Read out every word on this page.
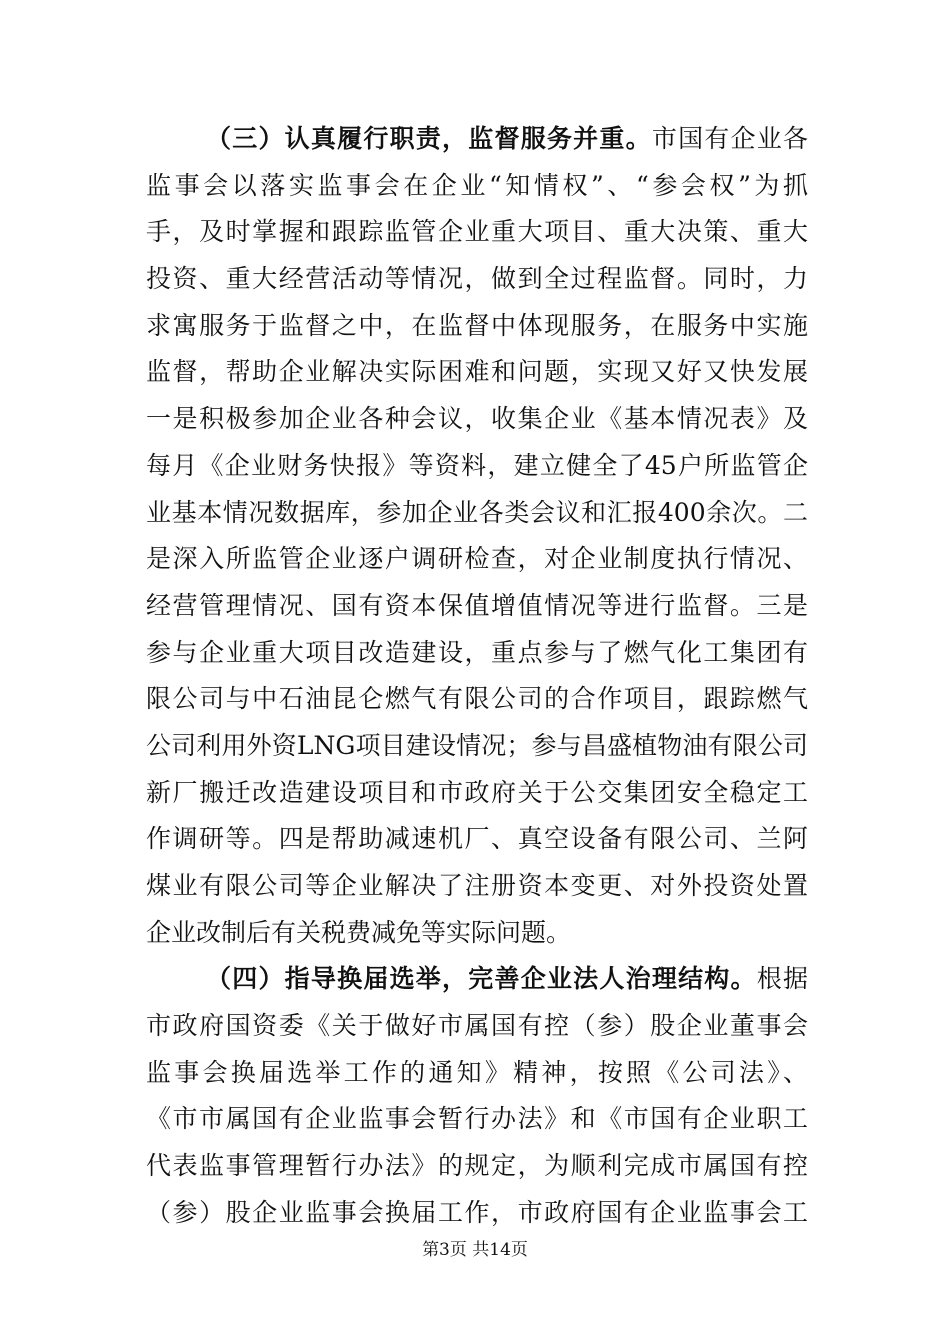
（三）认真履行职责，监督服务并重。市国有企业各
监事会以落实监事会在企业“知情权”、“参会权”为抓
手，及时掌握和跟踪监管企业重大项目、重大决策、重大
投资、重大经营活动等情况，做到全过程监督。同时，力
求寓服务于监督之中，在监督中体现服务，在服务中实施
监督，帮助企业解决实际困难和问题，实现又好又快发展
一是积极参加企业各种会议，收集企业《基本情况表》及
每月《企业财务快报》等资料，建立健全了45户所监管企
业基本情况数据库，参加企业各类会议和汇报400余次。二
是深入所监管企业逐户调研检查，对企业制度执行情况、
经营管理情况、国有资本保值增值情况等进行监督。三是
参与企业重大项目改造建设，重点参与了燃气化工集团有
限公司与中石油昆仑燃气有限公司的合作项目，跟踪燃气
公司利用外资LNG项目建设情况；参与昌盛植物油有限公司
新厂搬迁改造建设项目和市政府关于公交集团安全稳定工
作调研等。四是帮助减速机厂、真空设备有限公司、兰阿
煤业有限公司等企业解决了注册资本变更、对外投资处置
企业改制后有关税费减免等实际问题。
（四）指导换届选举，完善企业法人治理结构。根据
市政府国资委《关于做好市属国有控（参）股企业董事会
监事会换届选举工作的通知》精神，按照《公司法》、
《市市属国有企业监事会暂行办法》和《市国有企业职工
代表监事管理暂行办法》的规定，为顺利完成市属国有控
（参）股企业监事会换届工作，市政府国有企业监事会工
第3页 共14页
